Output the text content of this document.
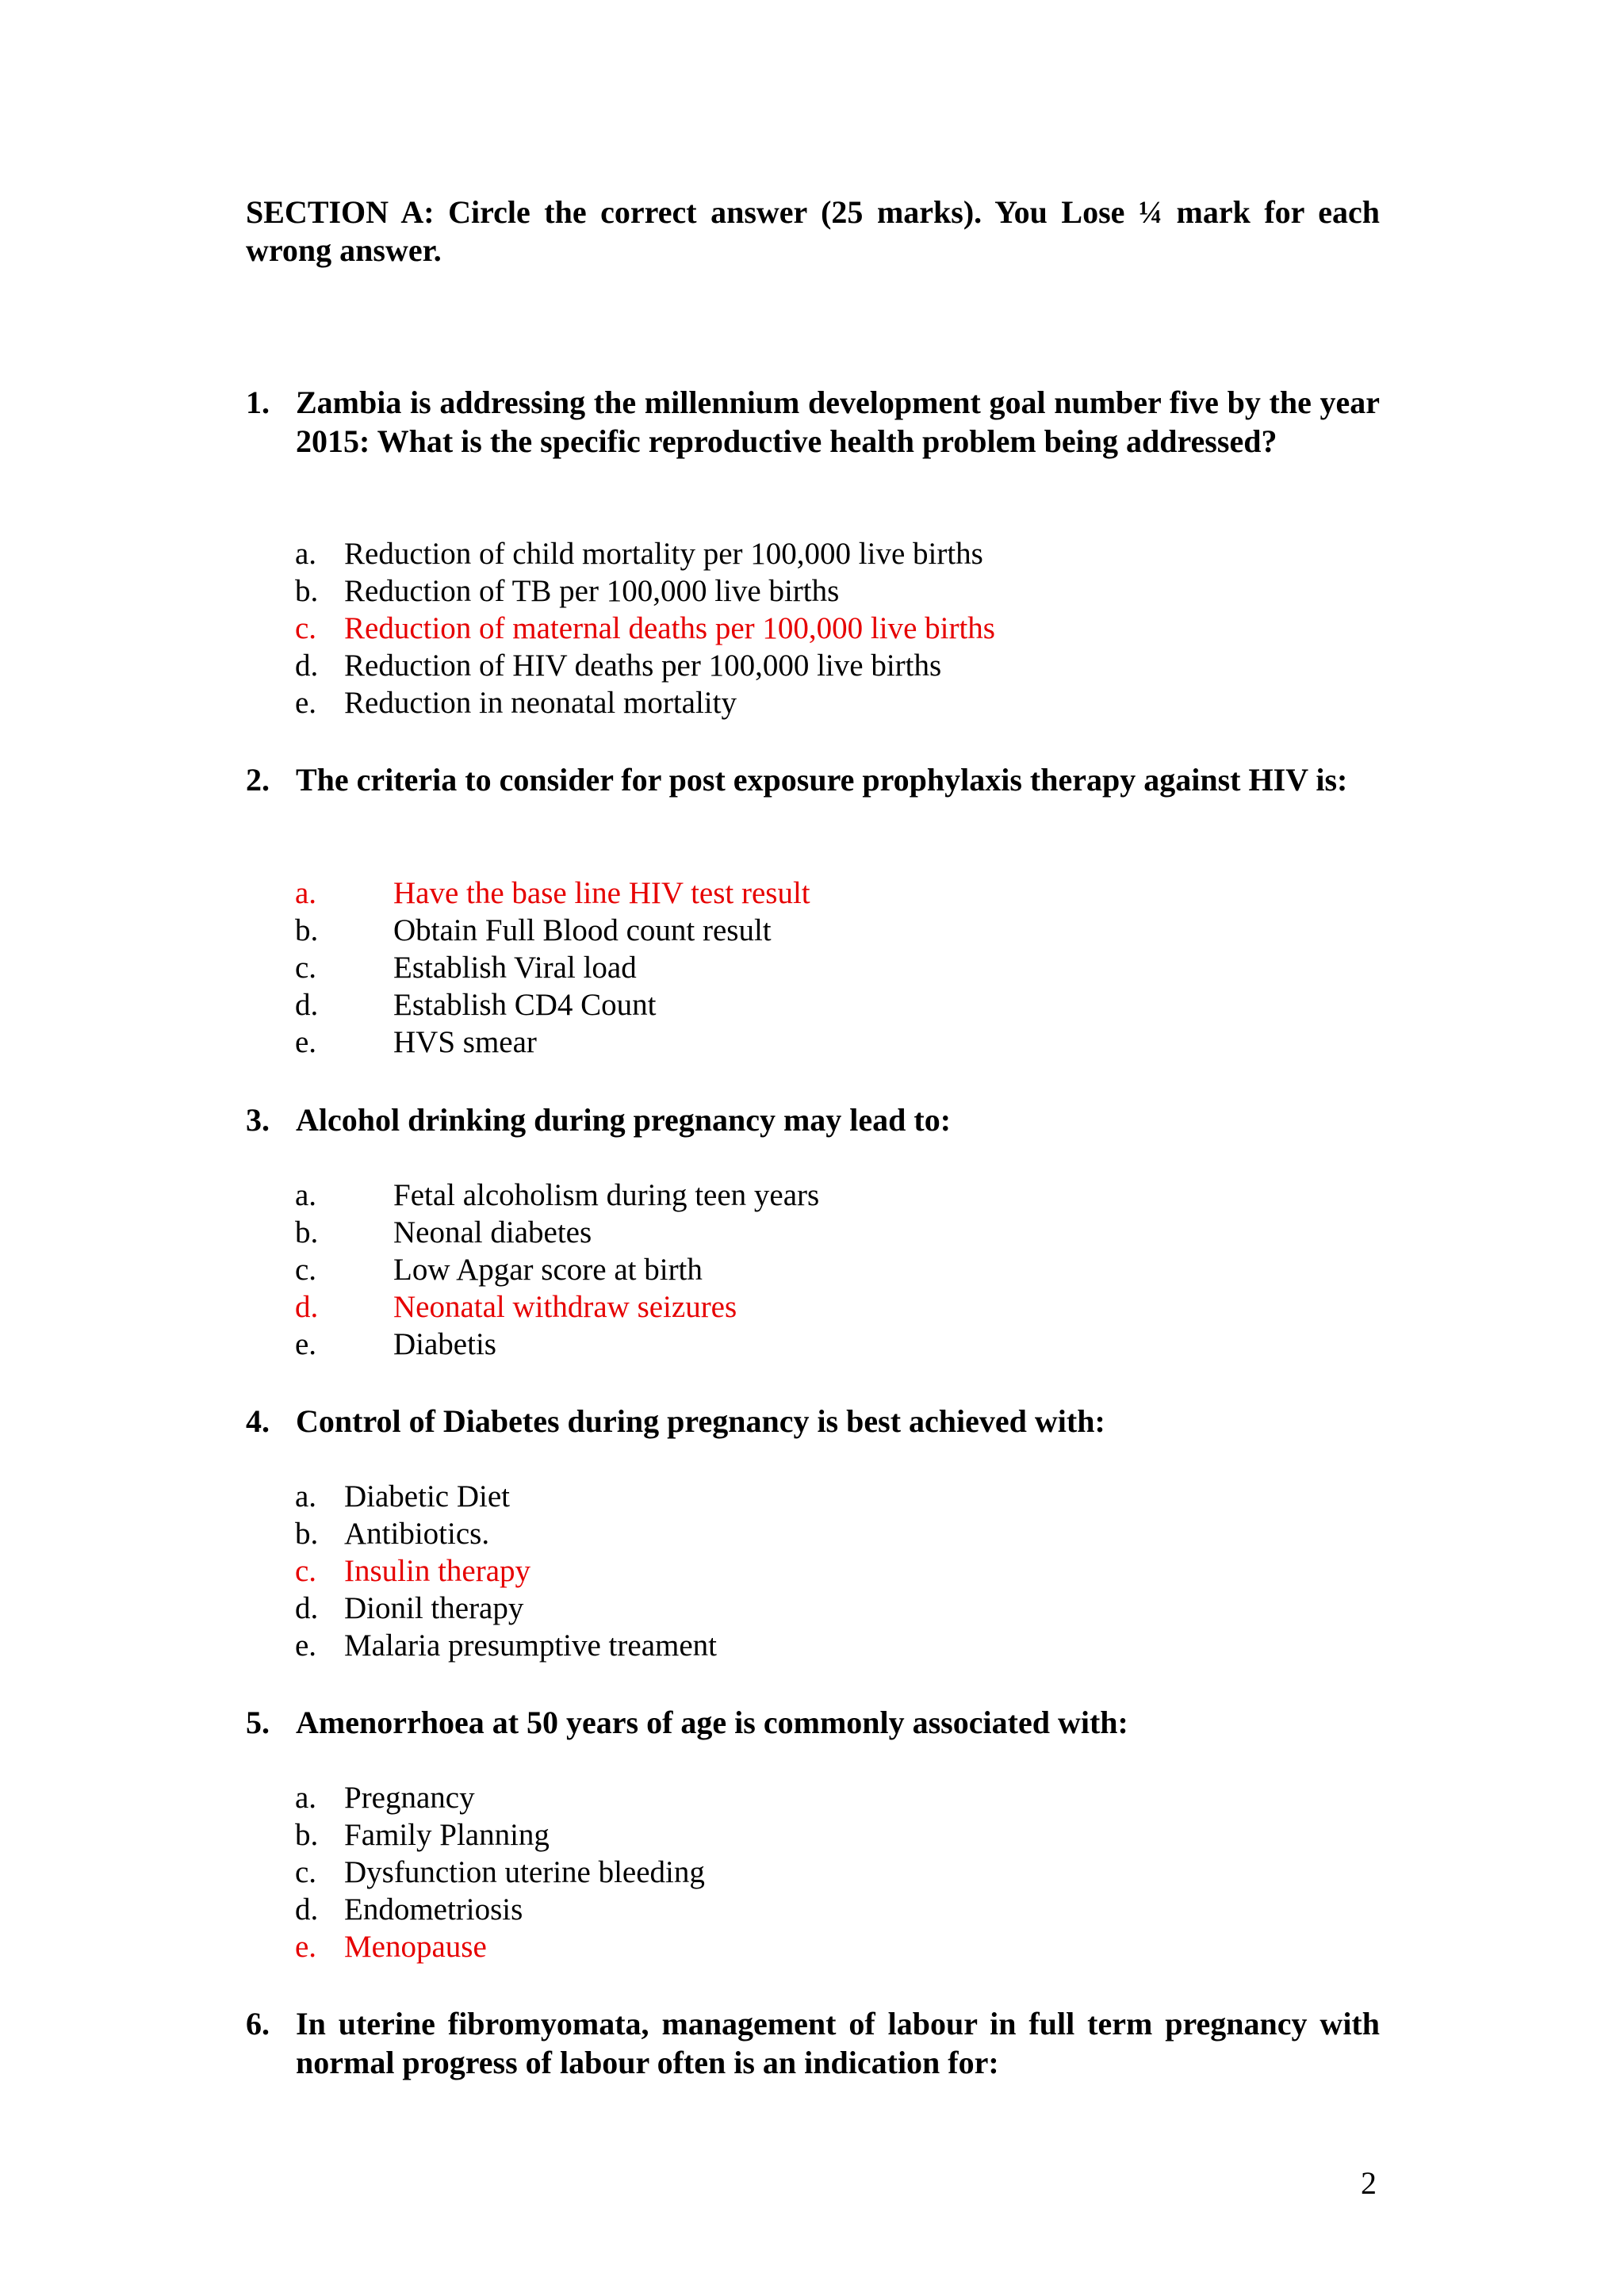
SECTION A: Circle the correct answer (25 marks). You Lose ¼ mark for each wrong answer.
1. Zambia is addressing the millennium development goal number five by the year 2015: What is the specific reproductive health problem being addressed?
a. Reduction of child mortality per 100,000 live births
b. Reduction of TB per 100,000 live births
c. Reduction of maternal deaths per 100,000 live births
d. Reduction of HIV deaths per 100,000 live births
e. Reduction in neonatal mortality
2. The criteria to consider for post exposure prophylaxis therapy against HIV is:
a. Have the base line HIV test result
b. Obtain Full Blood count result
c. Establish Viral load
d. Establish CD4 Count
e. HVS smear
3. Alcohol drinking during pregnancy may lead to:
a. Fetal alcoholism during teen years
b. Neonal diabetes
c. Low Apgar score at birth
d. Neonatal withdraw seizures
e. Diabetis
4. Control of Diabetes during pregnancy is best achieved with:
a. Diabetic Diet
b. Antibiotics.
c. Insulin therapy
d. Dionil therapy
e. Malaria presumptive treament
5. Amenorrhoea at 50 years of age is commonly associated with:
a. Pregnancy
b. Family Planning
c. Dysfunction uterine bleeding
d. Endometriosis
e. Menopause
6. In uterine fibromyomata, management of labour in full term pregnancy with normal progress of labour often is an indication for:
2
